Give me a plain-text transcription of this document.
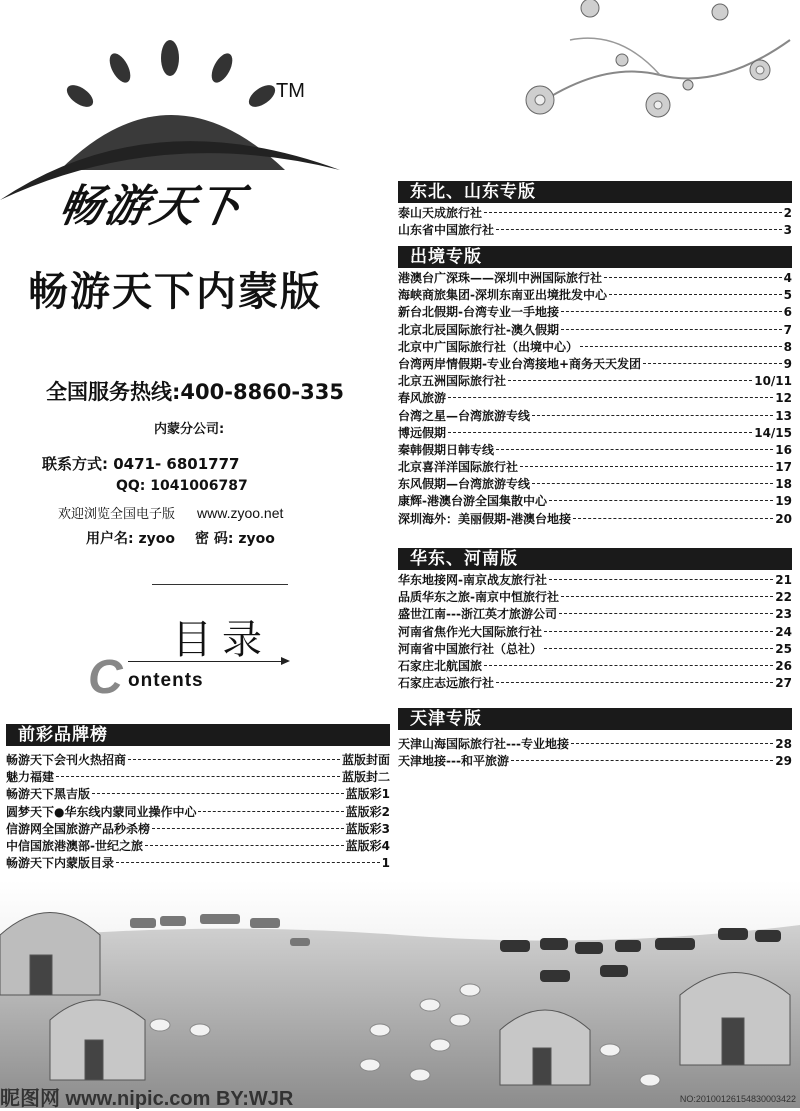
TM
畅游天下
畅游天下内蒙版
全国服务热线:400-8860-335
内蒙分公司:
联系方式: 0471- 6801777
QQ: 1041006787
欢迎浏览全国电子版 www.zyoo.net
用户名: zyoo 密 码: zyoo
目录
C ontents
东北、山东专版
泰山天成旅行社	2
山东省中国旅行社	3
出境专版
港澳台广深珠——深圳中洲国际旅行社	4
海峡商旅集团-深圳东南亚出境批发中心	5
新台北假期-台湾专业一手地接	6
北京北辰国际旅行社-澳久假期	7
北京中广国际旅行社（出境中心）	8
台湾两岸情假期-专业台湾接地+商务天天发团	9
北京五洲国际旅行社	10/11
春风旅游	12
台湾之星—台湾旅游专线	13
博远假期	14/15
秦韩假期日韩专线	16
北京喜洋洋国际旅行社	17
东风假期—台湾旅游专线	18
康辉-港澳台游全国集散中心	19
深圳海外：美丽假期-港澳台地接	20
华东、河南版
华东地接网-南京战友旅行社	21
品质华东之旅-南京中恒旅行社	22
盛世江南---浙江英才旅游公司	23
河南省焦作光大国际旅行社	24
河南省中国旅行社（总社）	25
石家庄北航国旅	26
石家庄志远旅行社	27
天津专版
天津山海国际旅行社---专业地接	28
天津地接---和平旅游	29
前彩品牌榜
畅游天下会刊火热招商	蓝版封面
魅力福建	蓝版封二
畅游天下黑吉版	蓝版彩1
圆梦天下●华东线内蒙同业操作中心	蓝版彩2
信游网全国旅游产品秒杀榜	蓝版彩3
中信国旅港澳部-世纪之旅	蓝版彩4
畅游天下内蒙版目录	1
昵图网 www.nipic.com BY:WJR	NO:20100126154830003422
